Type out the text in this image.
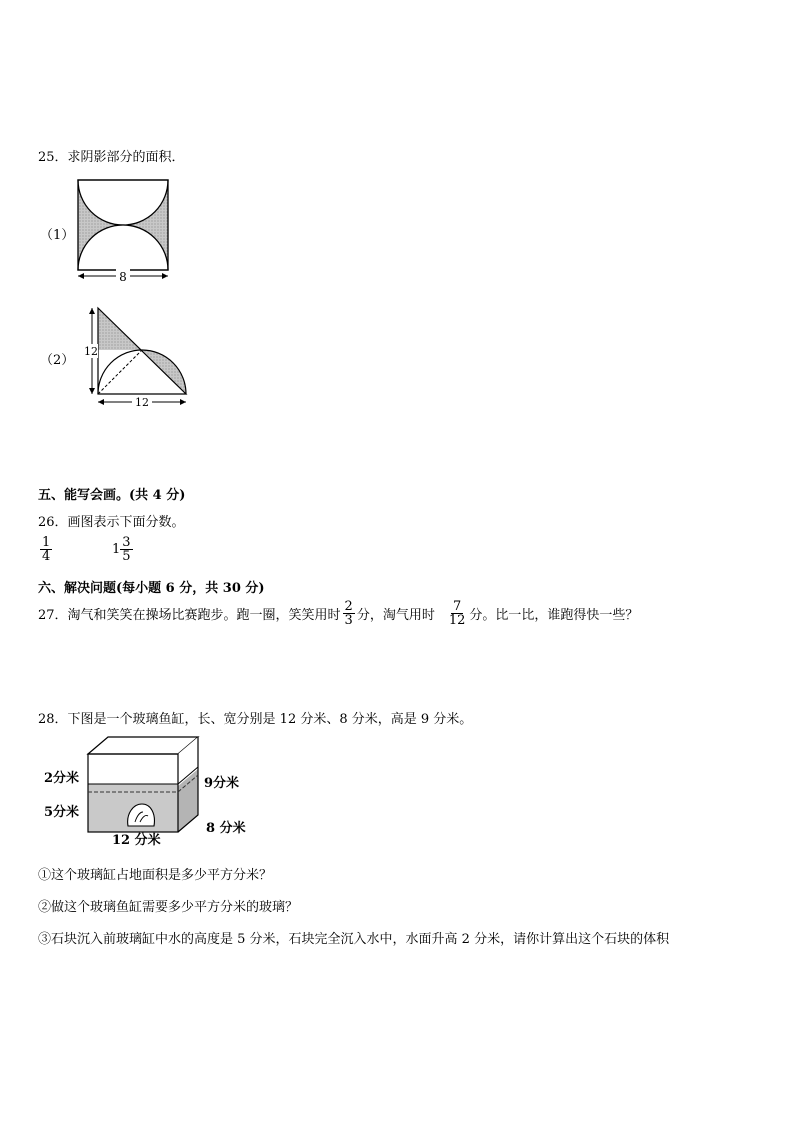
25．求阴影部分的面积．
（1）
8
（2）
12
12
五、能写会画。(共 4 分)
26．画图表示下面分数。
$\frac{1}{4}$	$1 \frac{3}{5}$
六、解决问题(每小题 6 分，共 30 分)
27．淘气和笑笑在操场比赛跑步。跑一圈，笑笑用时 $\frac{2}{3}$ 分，淘气用时 $\frac{7}{12}$ 分。比一比，谁跑得快一些？
28．下图是一个玻璃鱼缸，长、宽分别是 12 分米、8 分米，高是 9 分米。
2分米
5分米
9分米
8 分米
12 分米
①这个玻璃缸占地面积是多少平方分米？
②做这个玻璃鱼缸需要多少平方分米的玻璃？
③石块沉入前玻璃缸中水的高度是 5 分米，石块完全沉入水中，水面升高 2 分米，请你计算出这个石块的体积
